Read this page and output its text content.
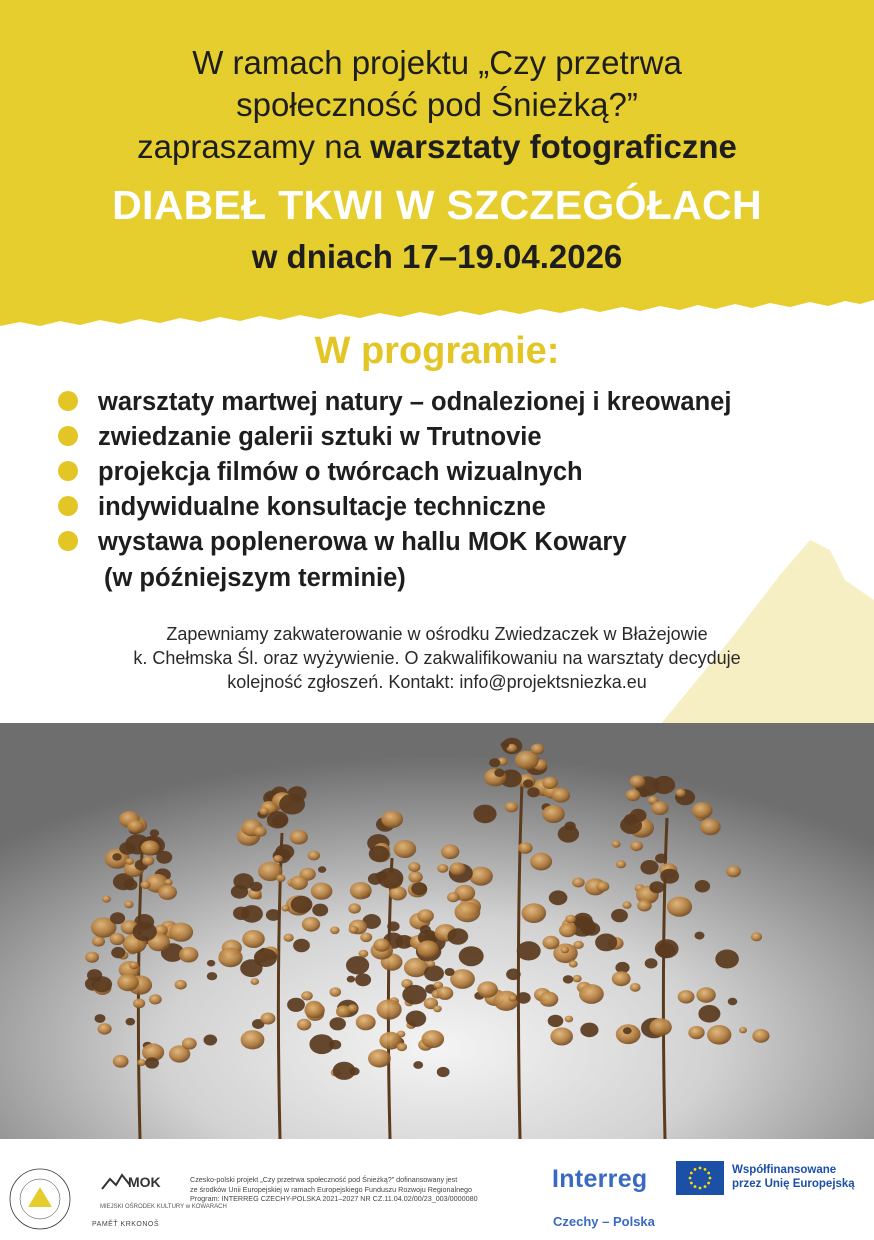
W ramach projektu „Czy przetrwa
społeczność pod Śnieżką?”
zapraszamy na warsztaty fotograficzne
DIABEŁ TKWI W SZCZEGÓŁACH
w dniach 17–19.04.2026
W programie:
warsztaty martwej natury – odnalezionej i kreowanej
zwiedzanie galerii sztuki w Trutnovie
projekcja filmów o twórcach wizualnych
indywidualne konsultacje techniczne
wystawa poplenerowa w hallu MOK Kowary
(w późniejszym terminie)
Zapewniamy zakwaterowanie w ośrodku Zwiedzaczek w Błażejowie
k. Chełmska Śl. oraz wyżywienie. O zakwalifikowaniu na warsztaty decyduje
kolejność zgłoszeń. Kontakt: info@projektsniezka.eu
MOK
MIEJSKI OŚRODEK KULTURY w KOWARACH
PAMĚŤ KRKONOŠ
Czesko-polski projekt „Czy przetrwa społeczność pod Śnieżką?” dofinansowany jest
ze środków Unii Europejskiej w ramach Europejskiego Funduszu Rozwoju Regionalnego
Program: INTERREG CZECHY-POLSKA 2021–2027 NR CZ.11.04.02/00/23_003/0000080
Interreg
Czechy – Polska
Współfinansowane
przez Unię Europejską
